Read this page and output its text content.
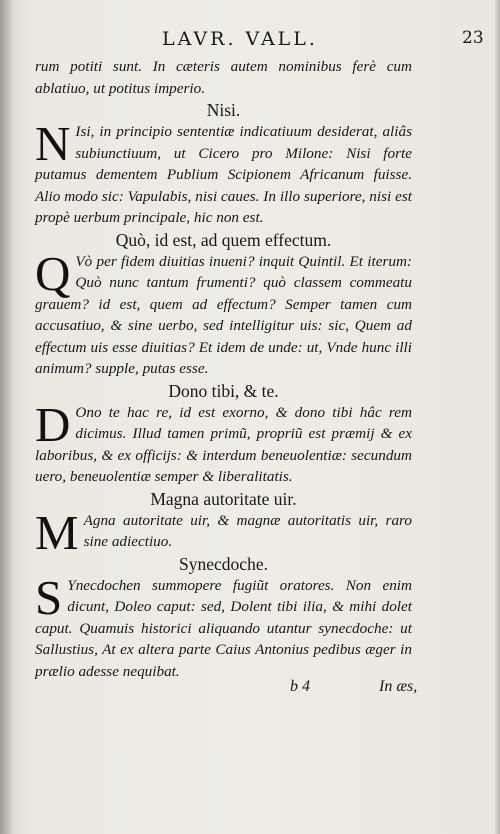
LAVR. VALL.	23

rum potiti sunt. In cæteris autem nominibus ferè cum ablatiuo, ut potitus imperio.

Nisi.

N Isi, in principio sententiæ indicatiuum desiderat, aliâs subiunctiuum, ut Cicero pro Milone: Nisi forte putamus dementem Publium Scipionem Africanum fuisse. Alio modo sic: Vapulabis, nisi caues. In illo superiore, nisi est propè uerbum principale, hic non est.

Quò, id est, ad quem effectum.

Q Vò per fidem diuitias inueni? inquit Quintil. Et iterum: Quò nunc tantum frumenti? quò classem commeatu grauem? id est, quem ad effectum? Semper tamen cum accusatiuo, & sine uerbo, sed intelligitur uis: sic, Quem ad effectum uis esse diuitias? Et idem de unde: ut, Vnde hunc illi animum? supple, putas esse.

Dono tibi, & te.

D Ono te hac re, id est exorno, & dono tibi hâc rem dicimus. Illud tamen primũ, propriũ est præmij & ex laboribus, & ex officijs: & interdum beneuolentiæ: secundum uero, beneuolentiæ semper & liberalitatis.

Magna autoritate uir.

M Agna autoritate uir, & magnæ autoritatis uir, raro sine adiectiuo.

Synecdoche.

S Ynecdochen summopere fugiũt oratores. Non enim dicunt, Doleo caput: sed, Dolent tibi ilia, & mihi dolet caput. Quamuis historici aliquando utantur synecdoche: ut Sallustius, At ex altera parte Caius Antonius pedibus æger in prælio adesse nequibat.

b 4	In æs,
